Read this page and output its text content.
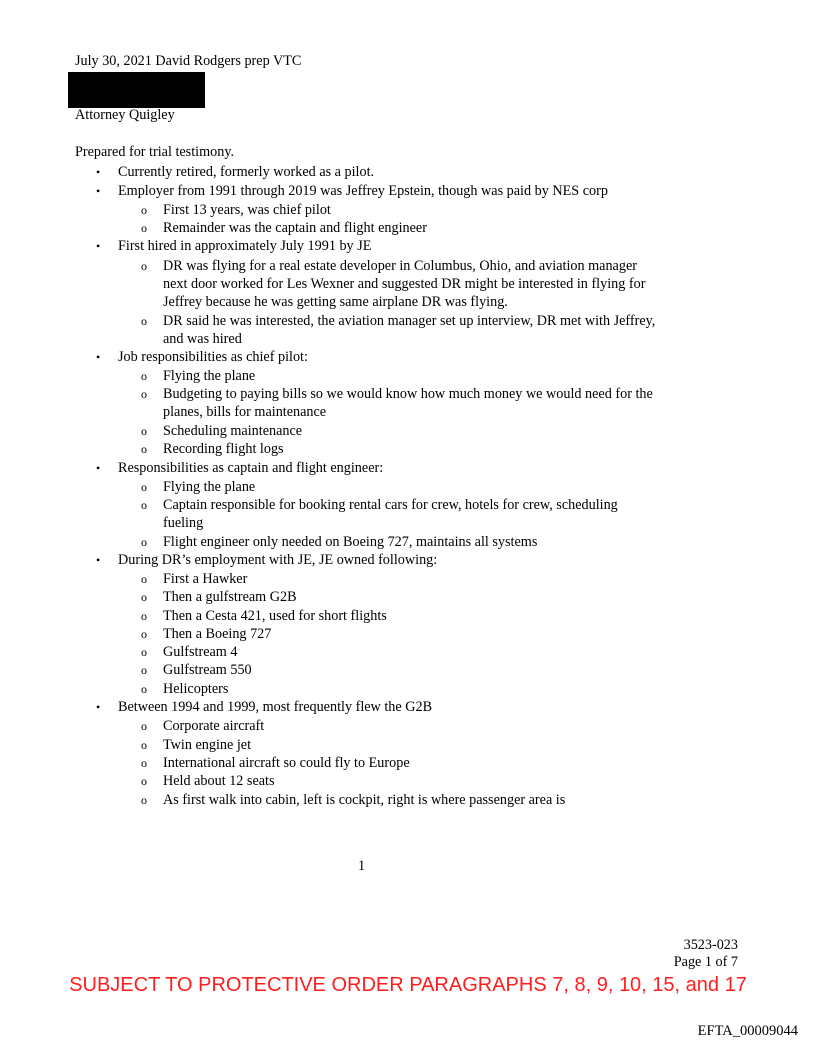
July 30, 2021 David Rodgers prep VTC
Attorney Quigley
Prepared for trial testimony.
• Currently retired, formerly worked as a pilot.
• Employer from 1991 through 2019 was Jeffrey Epstein, though was paid by NES corp
o First 13 years, was chief pilot
o Remainder was the captain and flight engineer
• First hired in approximately July 1991 by JE
o DR was flying for a real estate developer in Columbus, Ohio, and aviation manager next door worked for Les Wexner and suggested DR might be interested in flying for Jeffrey because he was getting same airplane DR was flying.
o DR said he was interested, the aviation manager set up interview, DR met with Jeffrey, and was hired
• Job responsibilities as chief pilot:
o Flying the plane
o Budgeting to paying bills so we would know how much money we would need for the planes, bills for maintenance
o Scheduling maintenance
o Recording flight logs
• Responsibilities as captain and flight engineer:
o Flying the plane
o Captain responsible for booking rental cars for crew, hotels for crew, scheduling fueling
o Flight engineer only needed on Boeing 727, maintains all systems
• During DR’s employment with JE, JE owned following:
o First a Hawker
o Then a gulfstream G2B
o Then a Cesta 421, used for short flights
o Then a Boeing 727
o Gulfstream 4
o Gulfstream 550
o Helicopters
• Between 1994 and 1999, most frequently flew the G2B
o Corporate aircraft
o Twin engine jet
o International aircraft so could fly to Europe
o Held about 12 seats
o As first walk into cabin, left is cockpit, right is where passenger area is
1
3523-023
Page 1 of 7
SUBJECT TO PROTECTIVE ORDER PARAGRAPHS 7, 8, 9, 10, 15, and 17
EFTA_00009044
